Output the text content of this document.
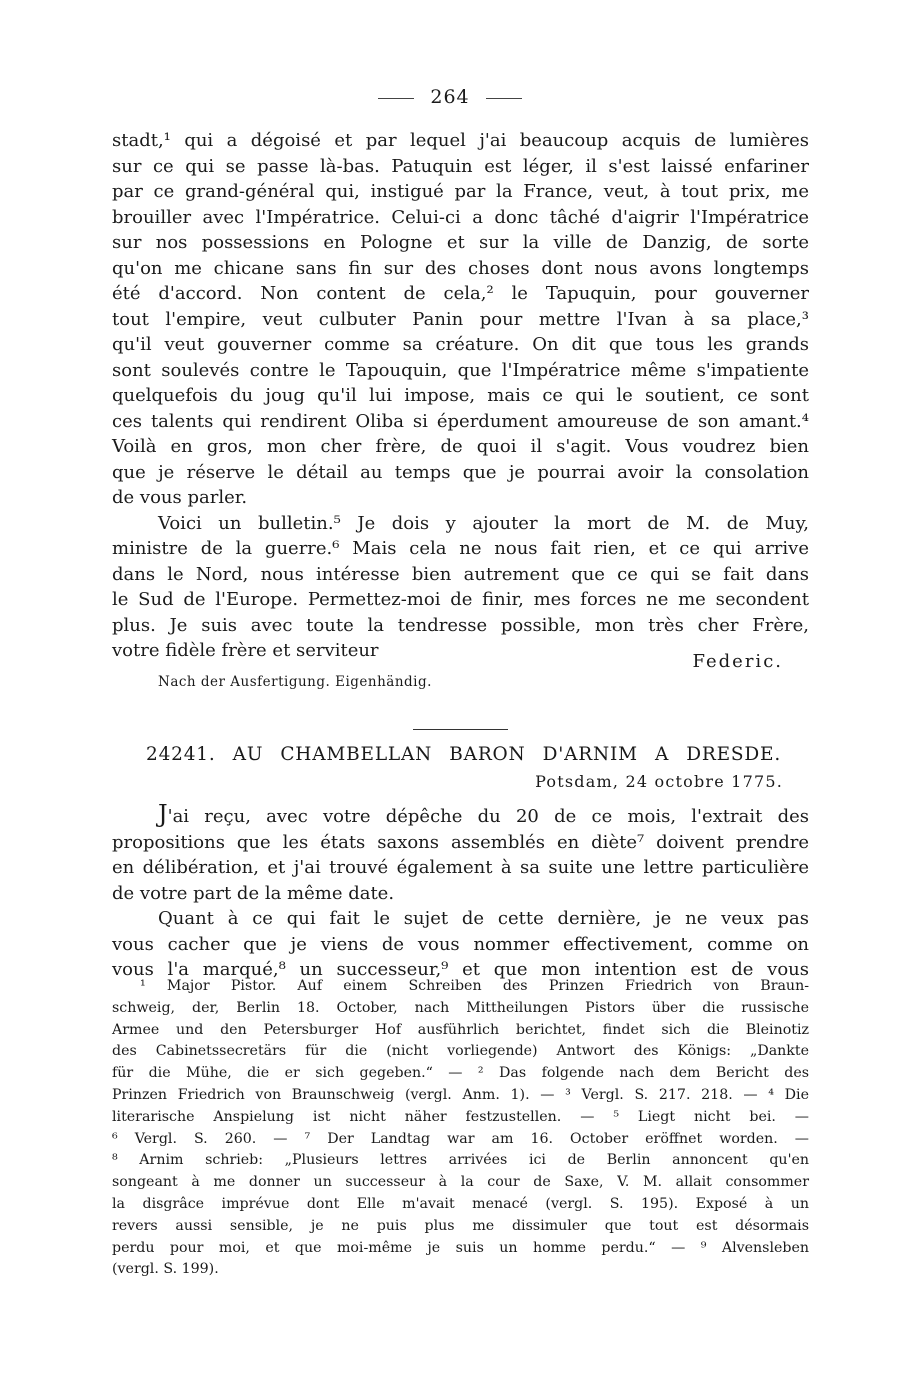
264
stadt,¹ qui a dégoisé et par lequel j'ai beaucoup acquis de lumières
sur ce qui se passe là-bas. Patuquin est léger, il s'est laissé enfariner
par ce grand-général qui, instigué par la France, veut, à tout prix, me
brouiller avec l'Impératrice. Celui-ci a donc tâché d'aigrir l'Impératrice
sur nos possessions en Pologne et sur la ville de Danzig, de sorte
qu'on me chicane sans fin sur des choses dont nous avons longtemps
été d'accord. Non content de cela,² le Tapuquin, pour gouverner
tout l'empire, veut culbuter Panin pour mettre l'Ivan à sa place,³
qu'il veut gouverner comme sa créature. On dit que tous les grands
sont soulevés contre le Tapouquin, que l'Impératrice même s'impatiente
quelquefois du joug qu'il lui impose, mais ce qui le soutient, ce sont
ces talents qui rendirent Oliba si éperdument amoureuse de son amant.⁴
Voilà en gros, mon cher frère, de quoi il s'agit. Vous voudrez bien
que je réserve le détail au temps que je pourrai avoir la consolation
de vous parler.
Voici un bulletin.⁵ Je dois y ajouter la mort de M. de Muy,
ministre de la guerre.⁶ Mais cela ne nous fait rien, et ce qui arrive
dans le Nord, nous intéresse bien autrement que ce qui se fait dans
le Sud de l'Europe. Permettez-moi de finir, mes forces ne me secondent
plus. Je suis avec toute la tendresse possible, mon très cher Frère,
votre fidèle frère et serviteur
Federic.
Nach der Ausfertigung. Eigenhändig.
24241. AU CHAMBELLAN BARON D'ARNIM A DRESDE.
Potsdam, 24 octobre 1775.
J'ai reçu, avec votre dépêche du 20 de ce mois, l'extrait des
propositions que les états saxons assemblés en diète⁷ doivent prendre
en délibération, et j'ai trouvé également à sa suite une lettre particulière
de votre part de la même date.
Quant à ce qui fait le sujet de cette dernière, je ne veux pas
vous cacher que je viens de vous nommer effectivement, comme on
vous l'a marqué,⁸ un successeur,⁹ et que mon intention est de vous
¹ Major Pistor. Auf einem Schreiben des Prinzen Friedrich von Braun-
schweig, der, Berlin 18. October, nach Mittheilungen Pistors über die russische
Armee und den Petersburger Hof ausführlich berichtet, findet sich die Bleinotiz
des Cabinetssecretärs für die (nicht vorliegende) Antwort des Königs: „Dankte
für die Mühe, die er sich gegeben.“ — ² Das folgende nach dem Bericht des
Prinzen Friedrich von Braunschweig (vergl. Anm. 1). — ³ Vergl. S. 217. 218. — ⁴ Die
literarische Anspielung ist nicht näher festzustellen. — ⁵ Liegt nicht bei. —
⁶ Vergl. S. 260. — ⁷ Der Landtag war am 16. October eröffnet worden. —
⁸ Arnim schrieb: „Plusieurs lettres arrivées ici de Berlin annoncent qu'en
songeant à me donner un successeur à la cour de Saxe, V. M. allait consommer
la disgrâce imprévue dont Elle m'avait menacé (vergl. S. 195). Exposé à un
revers aussi sensible, je ne puis plus me dissimuler que tout est désormais
perdu pour moi, et que moi-même je suis un homme perdu.“ — ⁹ Alvensleben
(vergl. S. 199).
